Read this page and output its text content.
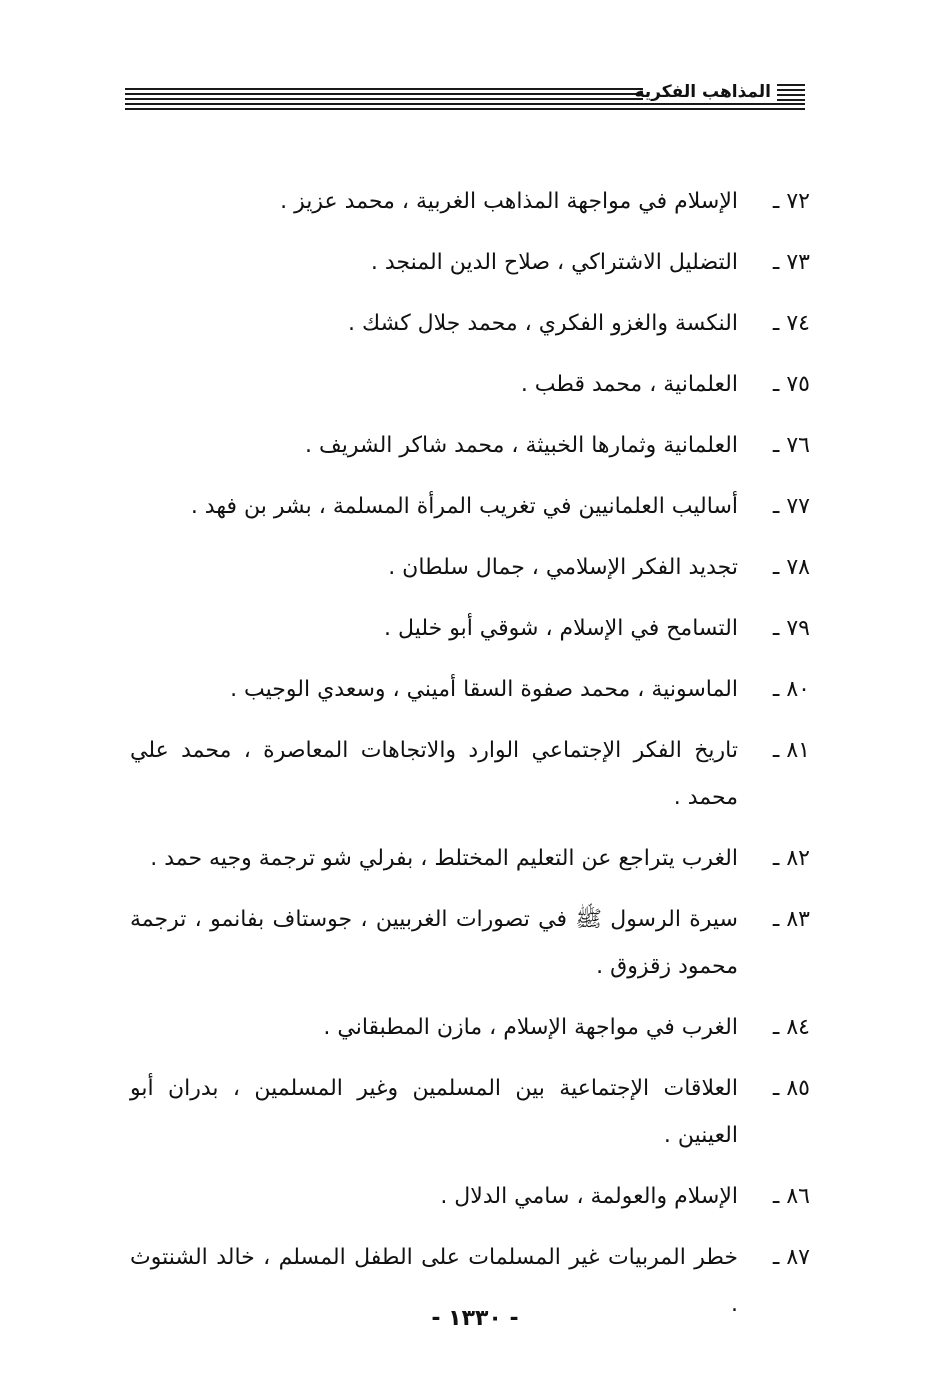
المذاهب الفكرية
٧٢ ـ
الإسلام في مواجهة المذاهب الغربية ، محمد عزيز .
٧٣ ـ
التضليل الاشتراكي ، صلاح الدين المنجد .
٧٤ ـ
النكسة والغزو الفكري ، محمد جلال كشك .
٧٥ ـ
العلمانية ، محمد قطب .
٧٦ ـ
العلمانية وثمارها الخبيثة ، محمد شاكر الشريف .
٧٧ ـ
أساليب العلمانيين في تغريب المرأة المسلمة ، بشر بن فهد .
٧٨ ـ
تجديد الفكر الإسلامي ، جمال سلطان .
٧٩ ـ
التسامح في الإسلام ، شوقي أبو خليل .
٨٠ ـ
الماسونية ، محمد صفوة السقا أميني ، وسعدي الوجيب .
٨١ ـ
تاريخ الفكر الإجتماعي الوارد والاتجاهات المعاصرة ، محمد علي محمد .
٨٢ ـ
الغرب يتراجع عن التعليم المختلط ، بفرلي شو ترجمة وجيه حمد .
٨٣ ـ
سيرة الرسول ﷺ في تصورات الغربيين ، جوستاف بفانمو ، ترجمة محمود زقزوق .
٨٤ ـ
الغرب في مواجهة الإسلام ، مازن المطبقاني .
٨٥ ـ
العلاقات الإجتماعية بين المسلمين وغير المسلمين ، بدران أبو العينين .
٨٦ ـ
الإسلام والعولمة ، سامي الدلال .
٨٧ ـ
خطر المربيات غير المسلمات على الطفل المسلم ، خالد الشنتوث .
- ١٣٣٠ -
